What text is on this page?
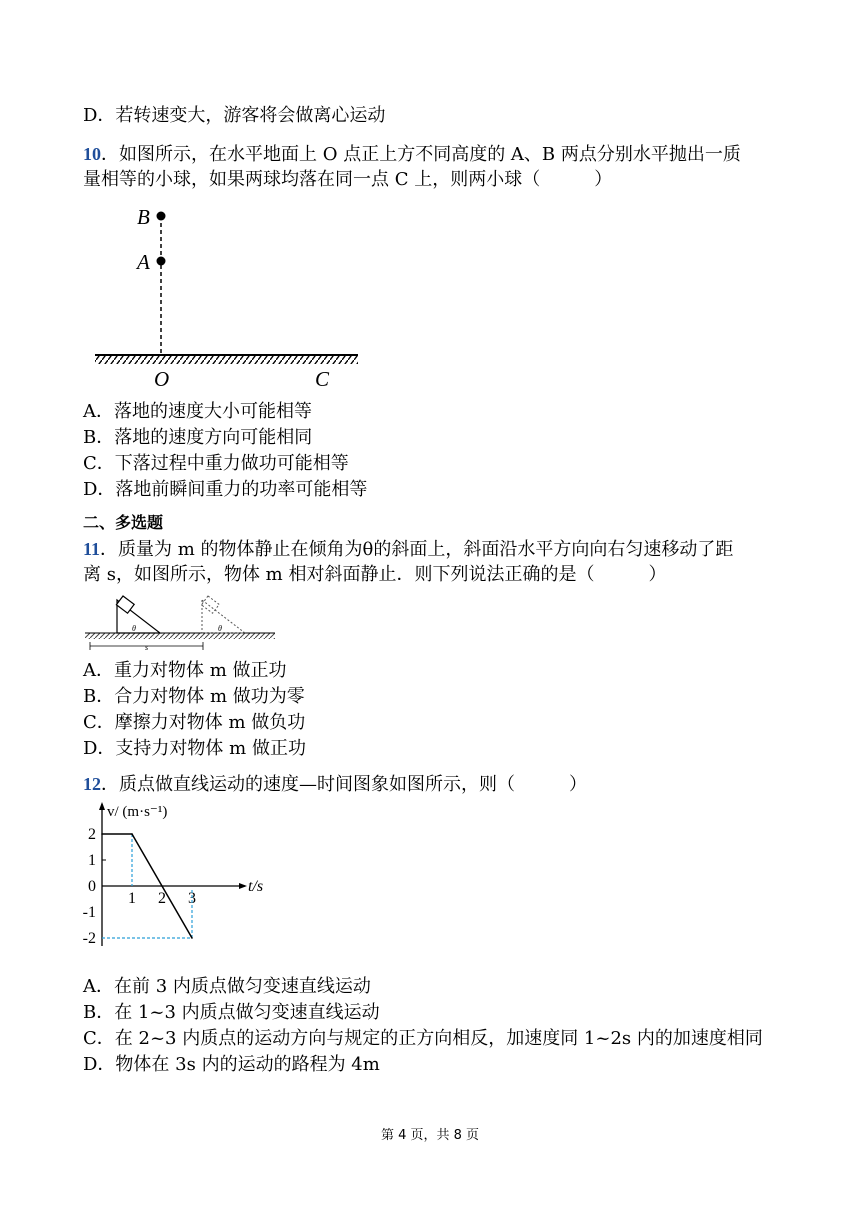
D．若转速变大，游客将会做离心运动
10．如图所示，在水平地面上 O 点正上方不同高度的 A、B 两点分别水平抛出一质
量相等的小球，如果两球均落在同一点 C 上，则两小球（　　　）
B
A
O	C
A．落地的速度大小可能相等
B．落地的速度方向可能相同
C．下落过程中重力做功可能相等
D．落地前瞬间重力的功率可能相等
二、多选题
11．质量为 m 的物体静止在倾角为θ的斜面上，斜面沿水平方向向右匀速移动了距
离 s，如图所示，物体 m 相对斜面静止．则下列说法正确的是（　　　）
θ	θ
s
A．重力对物体 m 做正功
B．合力对物体 m 做功为零
C．摩擦力对物体 m 做负功
D．支持力对物体 m 做正功
12．质点做直线运动的速度—时间图象如图所示，则（　　　）
2
1
0
-1
-2
1 2 3
v/ (m·s⁻¹)
t/s
A．在前 3 内质点做匀变速直线运动
B．在 1~3 内质点做匀变速直线运动
C．在 2~3 内质点的运动方向与规定的正方向相反，加速度同 1~2s 内的加速度相同
D．物体在 3s 内的运动的路程为 4m
第 4 页，共 8 页
